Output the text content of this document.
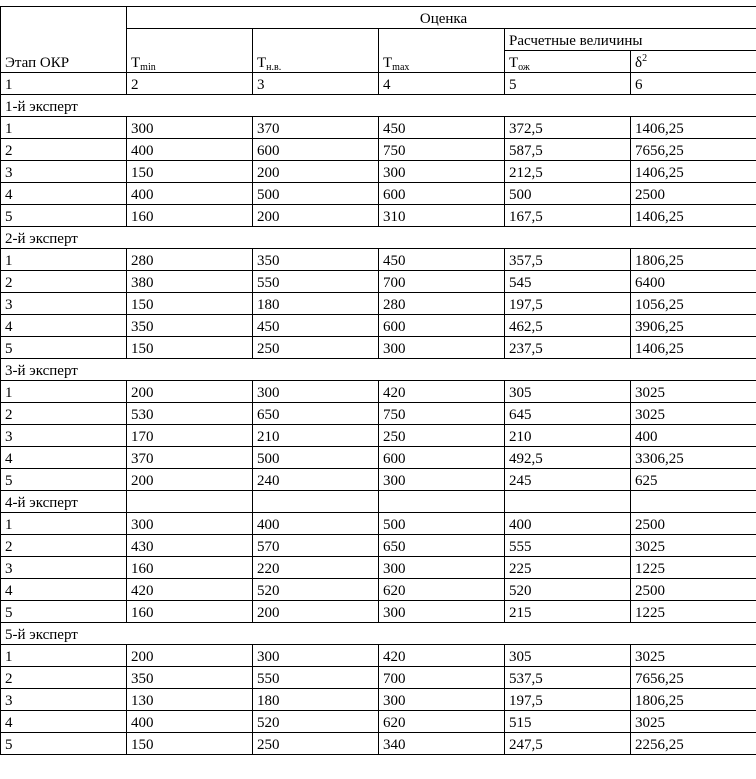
Этап ОКР	Оценка				
	$T_{min}$	$T_{н.в.}$	$T_{max}$	Расчетные величины	
				$T_{ож}$	$\delta^2$
1	2	3	4	5	6
1-й эксперт					
1	300	370	450	372,5	1406,25
2	400	600	750	587,5	7656,25
3	150	200	300	212,5	1406,25
4	400	500	600	500	2500
5	160	200	310	167,5	1406,25
2-й эксперт					
1	280	350	450	357,5	1806,25
2	380	550	700	545	6400
3	150	180	280	197,5	1056,25
4	350	450	600	462,5	3906,25
5	150	250	300	237,5	1406,25
3-й эксперт					
1	200	300	420	305	3025
2	530	650	750	645	3025
3	170	210	250	210	400
4	370	500	600	492,5	3306,25
5	200	240	300	245	625
4-й эксперт					
1	300	400	500	400	2500
2	430	570	650	555	3025
3	160	220	300	225	1225
4	420	520	620	520	2500
5	160	200	300	215	1225
5-й эксперт					
1	200	300	420	305	3025
2	350	550	700	537,5	7656,25
3	130	180	300	197,5	1806,25
4	400	520	620	515	3025
5	150	250	340	247,5	2256,25
